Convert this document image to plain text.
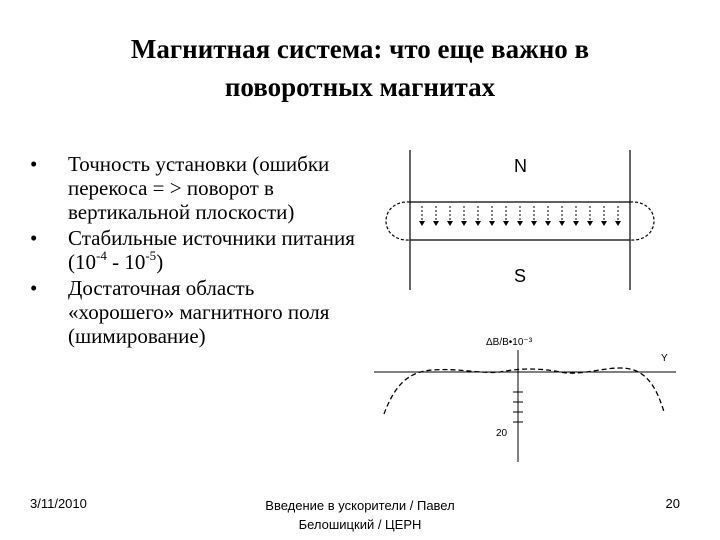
Магнитная система: что еще важно в
поворотных магнитах
•	Точность установки (ошибки перекоса = > поворот в вертикальной плоскости)
•	Стабильные источники питания $(10^{-4} - 10^{-5})$
•	Достаточная область «хорошего» магнитного поля (шимирование)
N
S
ΔB/B•10⁻³
Y
20
3/11/2010	Введение в ускорители / Павел
Белошицкий / ЦЕРН
20
